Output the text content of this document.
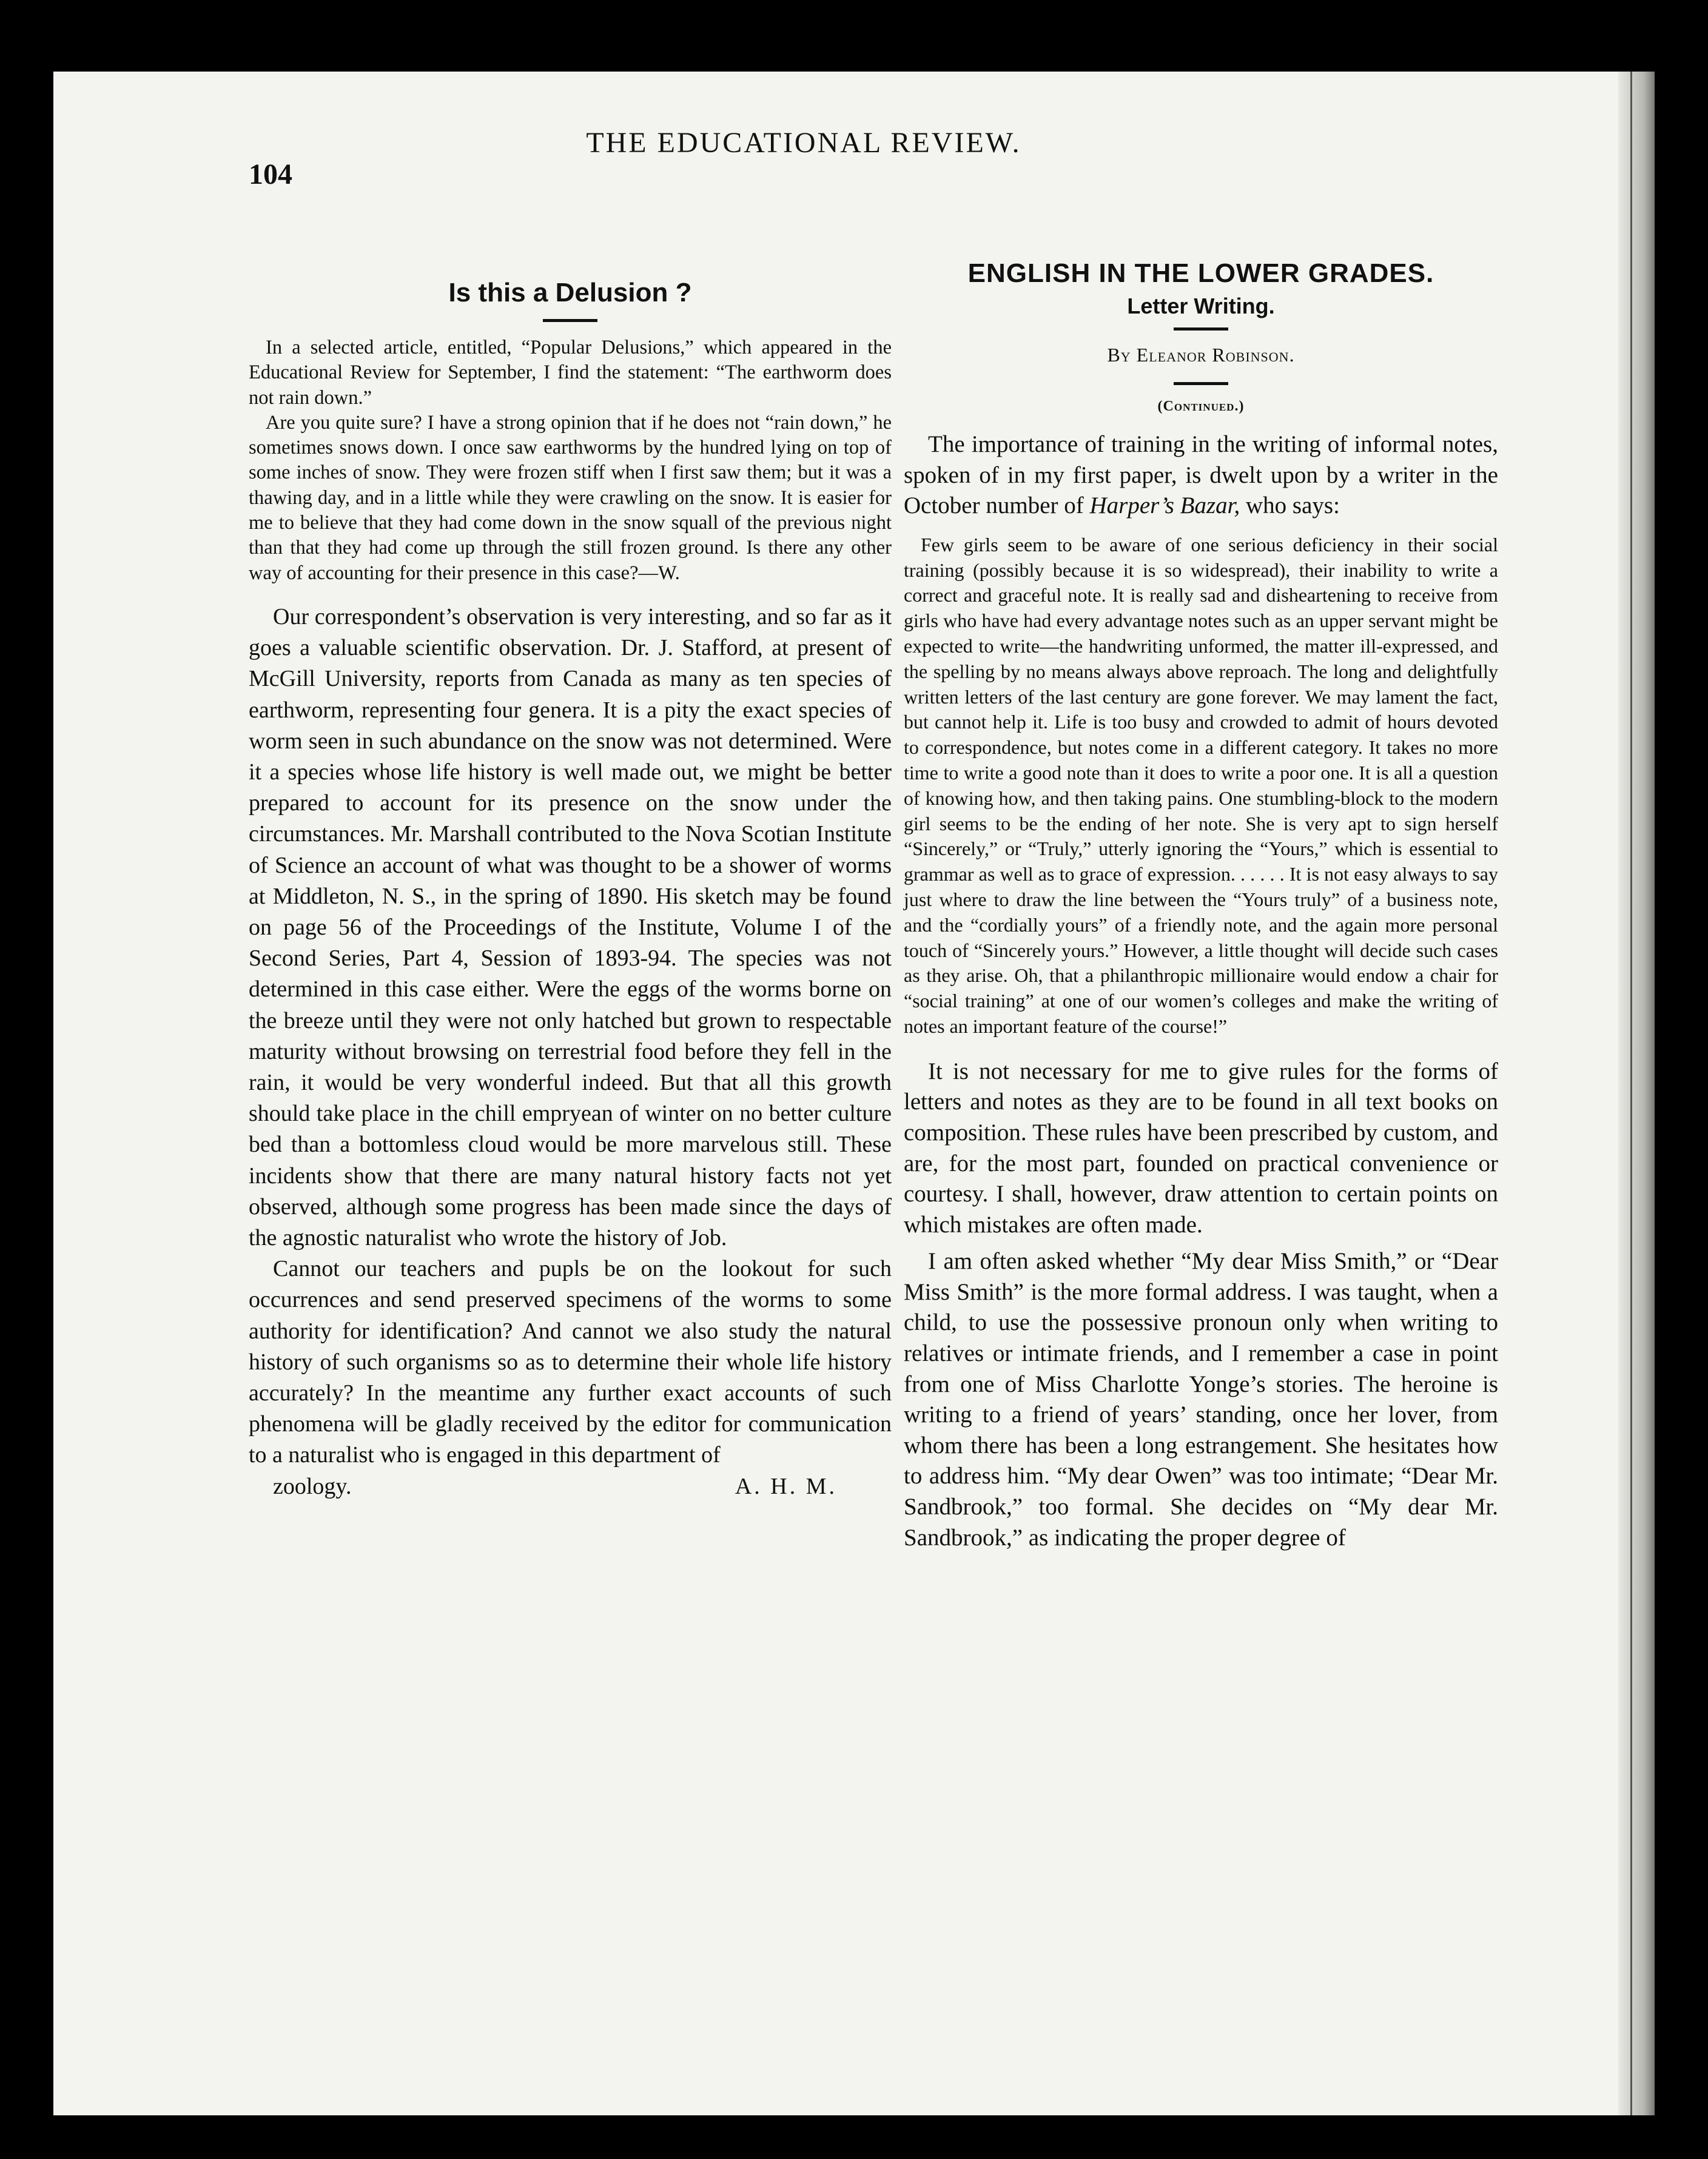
104
THE EDUCATIONAL REVIEW.
Is this a Delusion ?

In a selected article, entitled, “Popular Delusions,” which appeared in the Educational Review for September, I find the statement: “The earthworm does not rain down.”

Are you quite sure? I have a strong opinion that if he does not “rain down,” he sometimes snows down. I once saw earthworms by the hundred lying on top of some inches of snow. They were frozen stiff when I first saw them; but it was a thawing day, and in a little while they were crawling on the snow. It is easier for me to believe that they had come down in the snow squall of the previous night than that they had come up through the still frozen ground. Is there any other way of accounting for their presence in this case?—W.

Our correspondent’s observation is very interesting, and so far as it goes a valuable scientific observation. Dr. J. Stafford, at present of McGill University, reports from Canada as many as ten species of earthworm, representing four genera. It is a pity the exact species of worm seen in such abundance on the snow was not determined. Were it a species whose life history is well made out, we might be better prepared to account for its presence on the snow under the circumstances. Mr. Marshall contributed to the Nova Scotian Institute of Science an account of what was thought to be a shower of worms at Middleton, N. S., in the spring of 1890. His sketch may be found on page 56 of the Proceedings of the Institute, Volume I of the Second Series, Part 4, Session of 1893-94. The species was not determined in this case either. Were the eggs of the worms borne on the breeze until they were not only hatched but grown to respectable maturity without browsing on terrestrial food before they fell in the rain, it would be very wonderful indeed. But that all this growth should take place in the chill empryean of winter on no better culture bed than a bottomless cloud would be more marvelous still. These incidents show that there are many natural history facts not yet observed, although some progress has been made since the days of the agnostic naturalist who wrote the history of Job.

Cannot our teachers and pupls be on the lookout for such occurrences and send preserved specimens of the worms to some authority for identification? And cannot we also study the natural history of such organisms so as to determine their whole life history accurately? In the meantime any further exact accounts of such phenomena will be gladly received by the editor for communication to a naturalist who is engaged in this department of

zoology.	A. H. M.
ENGLISH IN THE LOWER GRADES.
Letter Writing.
By Eleanor Robinson.
(Continued.)

The importance of training in the writing of informal notes, spoken of in my first paper, is dwelt upon by a writer in the October number of Harper’s Bazar, who says:

Few girls seem to be aware of one serious deficiency in their social training (possibly because it is so widespread), their inability to write a correct and graceful note. It is really sad and disheartening to receive from girls who have had every advantage notes such as an upper servant might be expected to write—the handwriting unformed, the matter ill-expressed, and the spelling by no means always above reproach. The long and delightfully written letters of the last century are gone forever. We may lament the fact, but cannot help it. Life is too busy and crowded to admit of hours devoted to correspondence, but notes come in a different category. It takes no more time to write a good note than it does to write a poor one. It is all a question of knowing how, and then taking pains. One stumbling-block to the modern girl seems to be the ending of her note. She is very apt to sign herself “Sincerely,” or “Truly,” utterly ignoring the “Yours,” which is essential to grammar as well as to grace of expression. . . . . . It is not easy always to say just where to draw the line between the “Yours truly” of a business note, and the “cordially yours” of a friendly note, and the again more personal touch of “Sincerely yours.” However, a little thought will decide such cases as they arise. Oh, that a philanthropic millionaire would endow a chair for “social training” at one of our women’s colleges and make the writing of notes an important feature of the course!”

It is not necessary for me to give rules for the forms of letters and notes as they are to be found in all text books on composition. These rules have been prescribed by custom, and are, for the most part, founded on practical convenience or courtesy. I shall, however, draw attention to certain points on which mistakes are often made.

I am often asked whether “My dear Miss Smith,” or “Dear Miss Smith” is the more formal address. I was taught, when a child, to use the possessive pronoun only when writing to relatives or intimate friends, and I remember a case in point from one of Miss Charlotte Yonge’s stories. The heroine is writing to a friend of years’ standing, once her lover, from whom there has been a long estrangement. She hesitates how to address him. “My dear Owen” was too intimate; “Dear Mr. Sandbrook,” too formal. She decides on “My dear Mr. Sandbrook,” as indicating the proper degree of
